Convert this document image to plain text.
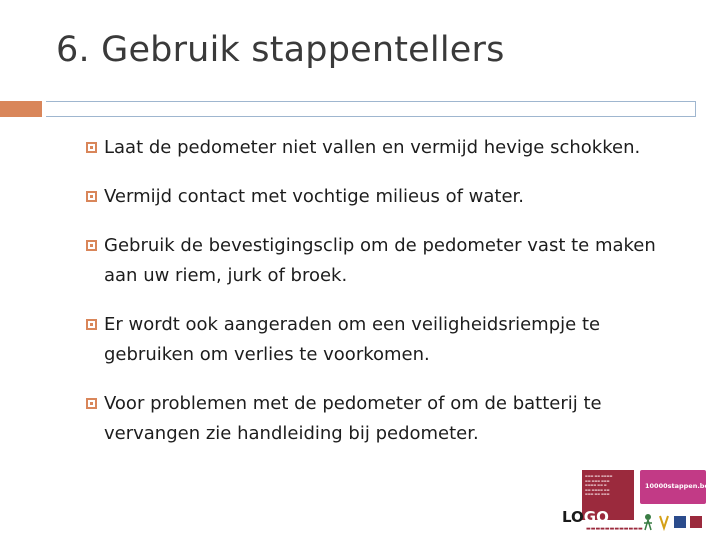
6. Gebruik stappentellers
Laat de pedometer niet vallen en vermijd hevige schokken.
Vermijd contact met vochtige milieus of water.
Gebruik de bevestigingsclip om de pedometer vast te maken aan uw riem, jurk of broek.
Er wordt ook aangeraden om een veiligheidsriempje te gebruiken om verlies te voorkomen.
Voor problemen met de pedometer of om de batterij te vervangen zie handleiding bij pedometer.
▬▬▬ ▬▬ ▬▬▬▬
▬▬ ▬▬▬ ▬▬▬
▬▬▬▬ ▬▬ ▬
▬▬ ▬▬▬▬ ▬▬
▬▬▬ ▬▬ ▬▬▬
LOGO
▬▬▬▬▬▬▬▬▬▬▬▬
10000stappen.be
